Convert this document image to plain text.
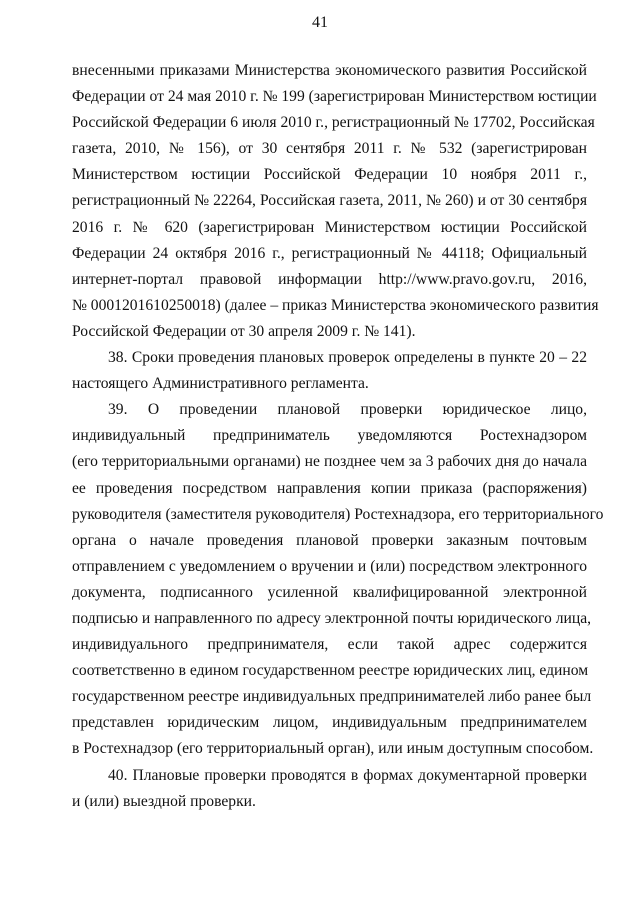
41
внесенными приказами Министерства экономического развития Российской
Федерации от 24 мая 2010 г. № 199 (зарегистрирован Министерством юстиции
Российской Федерации 6 июля 2010 г., регистрационный № 17702, Российская
газета, 2010, № 156), от 30 сентября 2011 г. № 532 (зарегистрирован
Министерством юстиции Российской Федерации 10 ноября 2011 г.,
регистрационный № 22264, Российская газета, 2011, № 260) и от 30 сентября
2016 г. № 620 (зарегистрирован Министерством юстиции Российской
Федерации 24 октября 2016 г., регистрационный № 44118; Официальный
интернет-портал правовой информации http://www.pravo.gov.ru, 2016,
№ 0001201610250018) (далее – приказ Министерства экономического развития
Российской Федерации от 30 апреля 2009 г. № 141).
38. Сроки проведения плановых проверок определены в пункте 20 – 22
настоящего Административного регламента.
39. О проведении плановой проверки юридическое лицо,
индивидуальный предприниматель уведомляются Ростехнадзором
(его территориальными органами) не позднее чем за 3 рабочих дня до начала
ее проведения посредством направления копии приказа (распоряжения)
руководителя (заместителя руководителя) Ростехнадзора, его территориального
органа о начале проведения плановой проверки заказным почтовым
отправлением с уведомлением о вручении и (или) посредством электронного
документа, подписанного усиленной квалифицированной электронной
подписью и направленного по адресу электронной почты юридического лица,
индивидуального предпринимателя, если такой адрес содержится
соответственно в едином государственном реестре юридических лиц, едином
государственном реестре индивидуальных предпринимателей либо ранее был
представлен юридическим лицом, индивидуальным предпринимателем
в Ростехнадзор (его территориальный орган), или иным доступным способом.
40. Плановые проверки проводятся в формах документарной проверки
и (или) выездной проверки.
